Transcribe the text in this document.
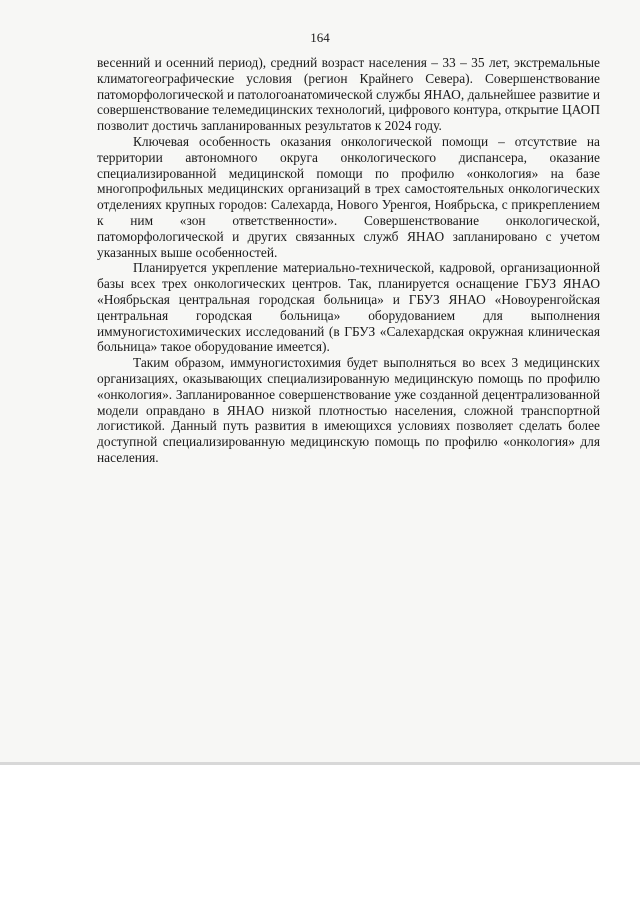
164

весенний и осенний период), средний возраст населения – 33 – 35 лет, экстремальные климатогеографические условия (регион Крайнего Севера). Совершенствование патоморфологической и патологоанатомической службы ЯНАО, дальнейшее развитие и совершенствование телемедицинских технологий, цифрового контура, открытие ЦАОП позволит достичь запланированных результатов к 2024 году.

Ключевая особенность оказания онкологической помощи – отсутствие на территории автономного округа онкологического диспансера, оказание специализированной медицинской помощи по профилю «онкология» на базе многопрофильных медицинских организаций в трех самостоятельных онкологических отделениях крупных городов: Салехарда, Нового Уренгоя, Ноябрьска, с прикреплением к ним «зон ответственности». Совершенствование онкологической, патоморфологической и других связанных служб ЯНАО запланировано с учетом указанных выше особенностей.

Планируется укрепление материально-технической, кадровой, организационной базы всех трех онкологических центров. Так, планируется оснащение ГБУЗ ЯНАО «Ноябрьская центральная городская больница» и ГБУЗ ЯНАО «Новоуренгойская центральная городская больница» оборудованием для выполнения иммуногистохимических исследований (в ГБУЗ «Салехардская окружная клиническая больница» такое оборудование имеется).

Таким образом, иммуногистохимия будет выполняться во всех 3 медицинских организациях, оказывающих специализированную медицинскую помощь по профилю «онкология». Запланированное совершенствование уже созданной децентрализованной модели оправдано в ЯНАО низкой плотностью населения, сложной транспортной логистикой. Данный путь развития в имеющихся условиях позволяет сделать более доступной специализированную медицинскую помощь по профилю «онкология» для населения.
